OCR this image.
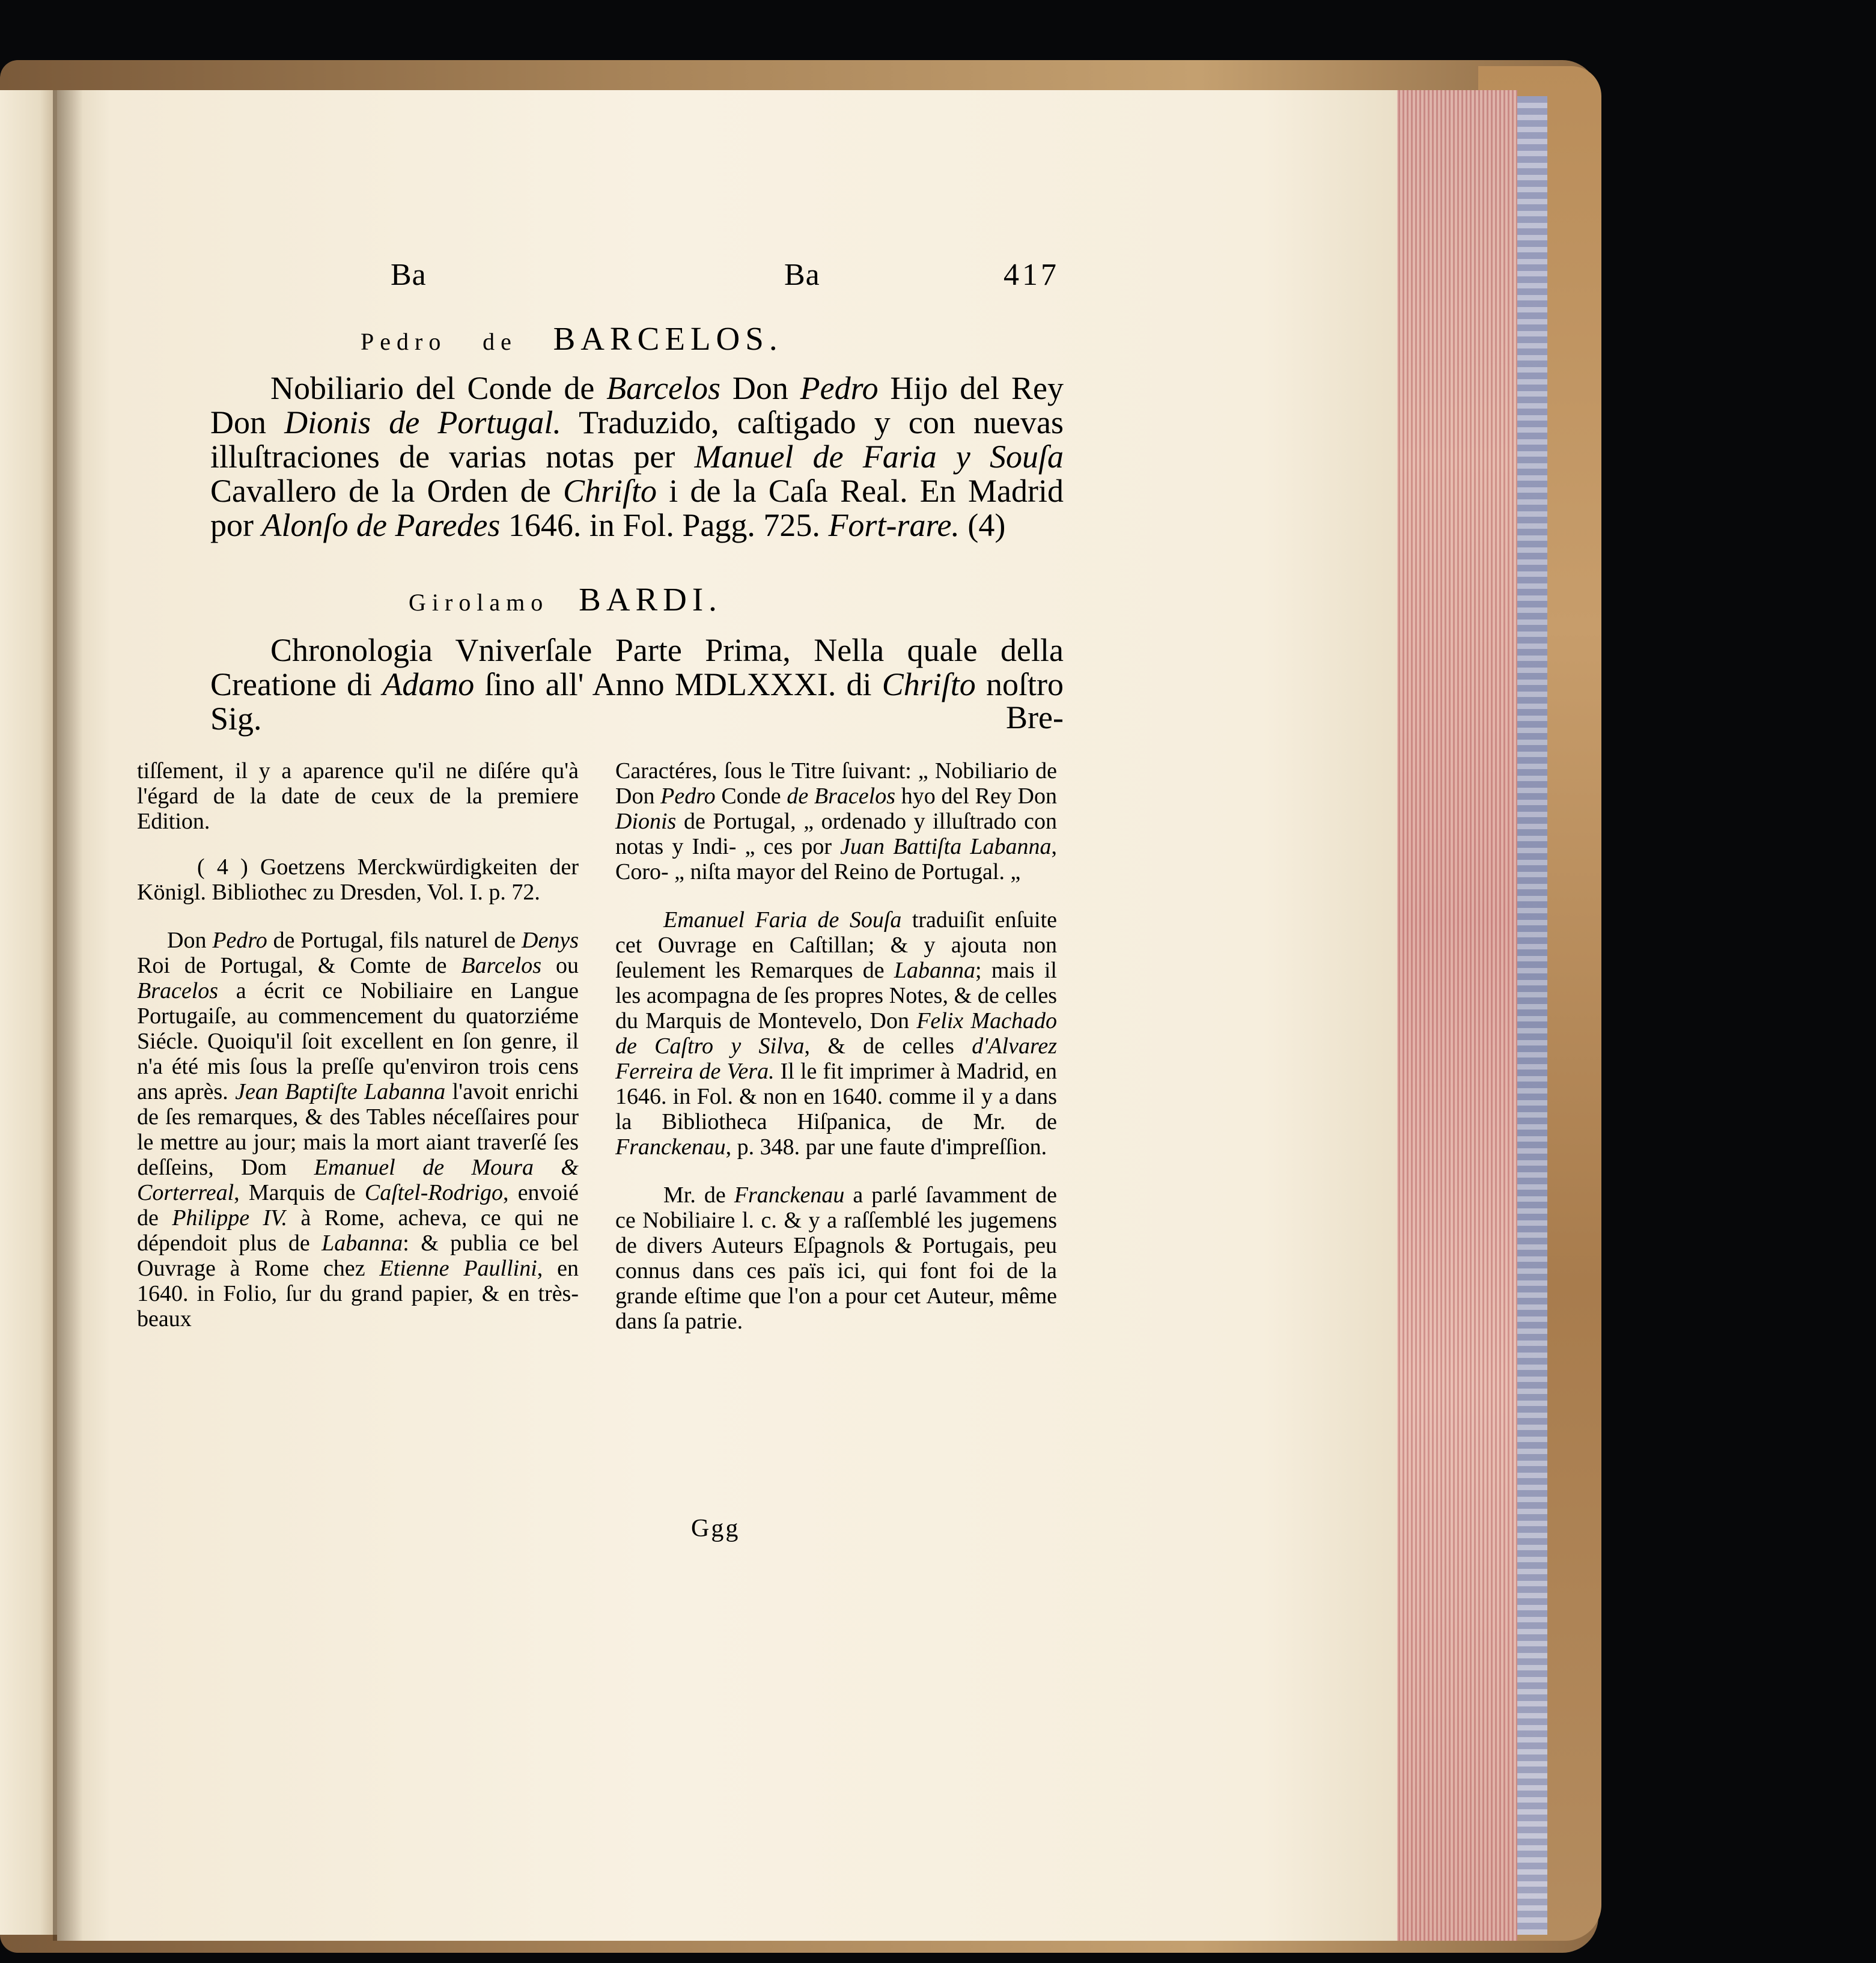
Ba	Ba	417
Pedro de BARCELOS.
Nobiliario del Conde de Barcelos Don Pedro Hijo del Rey Don Dionis de Portugal. Traduzido, caſtigado y con nuevas illuſtraciones de varias notas per Manuel de Faria y Souſa Cavallero de la Orden de Chriſto i de la Caſa Real. En Madrid por Alonſo de Paredes 1646. in Fol. Pagg. 725. Fort-rare. (4)
Girolamo BARDI.
Chronologia Vniverſale Parte Prima, Nella quale della Creatione di Adamo ſino all' Anno MDLXXXI. di Chriſto noſtro Sig.	Bre-

tiſſement, il y a aparence qu'il ne diſére qu'à l'égard de la date de ceux de la premiere Edition.

( 4 ) Goetzens Merckwürdigkeiten der Königl. Bibliothec zu Dresden, Vol. I. p. 72.

Don Pedro de Portugal, fils naturel de Denys Roi de Portugal, & Comte de Barcelos ou Bracelos a écrit ce Nobiliaire en Langue Portugaiſe, au commencement du quatorziéme Siécle. Quoiqu'il ſoit excellent en ſon genre, il n'a été mis ſous la preſſe qu'environ trois cens ans après. Jean Baptiſte Labanna l'avoit enrichi de ſes remarques, & des Tables néceſſaires pour le mettre au jour; mais la mort aiant traverſé ſes deſſeins, Dom Emanuel de Moura & Corterreal, Marquis de Caſtel-Rodrigo, envoié de Philippe IV. à Rome, acheva, ce qui ne dépendoit plus de Labanna: & publia ce bel Ouvrage à Rome chez Etienne Paullini, en 1640. in Folio, ſur du grand papier, & en très-beaux

Caractéres, ſous le Titre ſuivant: „ Nobiliario de Don Pedro Conde de Bracelos hyo del Rey Don Dionis de Portugal, „ ordenado y illuſtrado con notas y Indi- „ ces por Juan Battiſta Labanna, Coro- „ niſta mayor del Reino de Portugal. „

Emanuel Faria de Souſa traduiſit enſuite cet Ouvrage en Caſtillan; & y ajouta non ſeulement les Remarques de Labanna; mais il les acompagna de ſes propres Notes, & de celles du Marquis de Montevelo, Don Felix Machado de Caſtro y Silva, & de celles d'Alvarez Ferreira de Vera. Il le fit imprimer à Madrid, en 1646. in Fol. & non en 1640. comme il y a dans la Bibliotheca Hiſpanica, de Mr. de Franckenau, p. 348. par une faute d'impreſſion.

Mr. de Franckenau a parlé ſavamment de ce Nobiliaire l. c. & y a raſſemblé les jugemens de divers Auteurs Eſpagnols & Portugais, peu connus dans ces païs ici, qui font foi de la grande eſtime que l'on a pour cet Auteur, même dans ſa patrie.

Ggg
